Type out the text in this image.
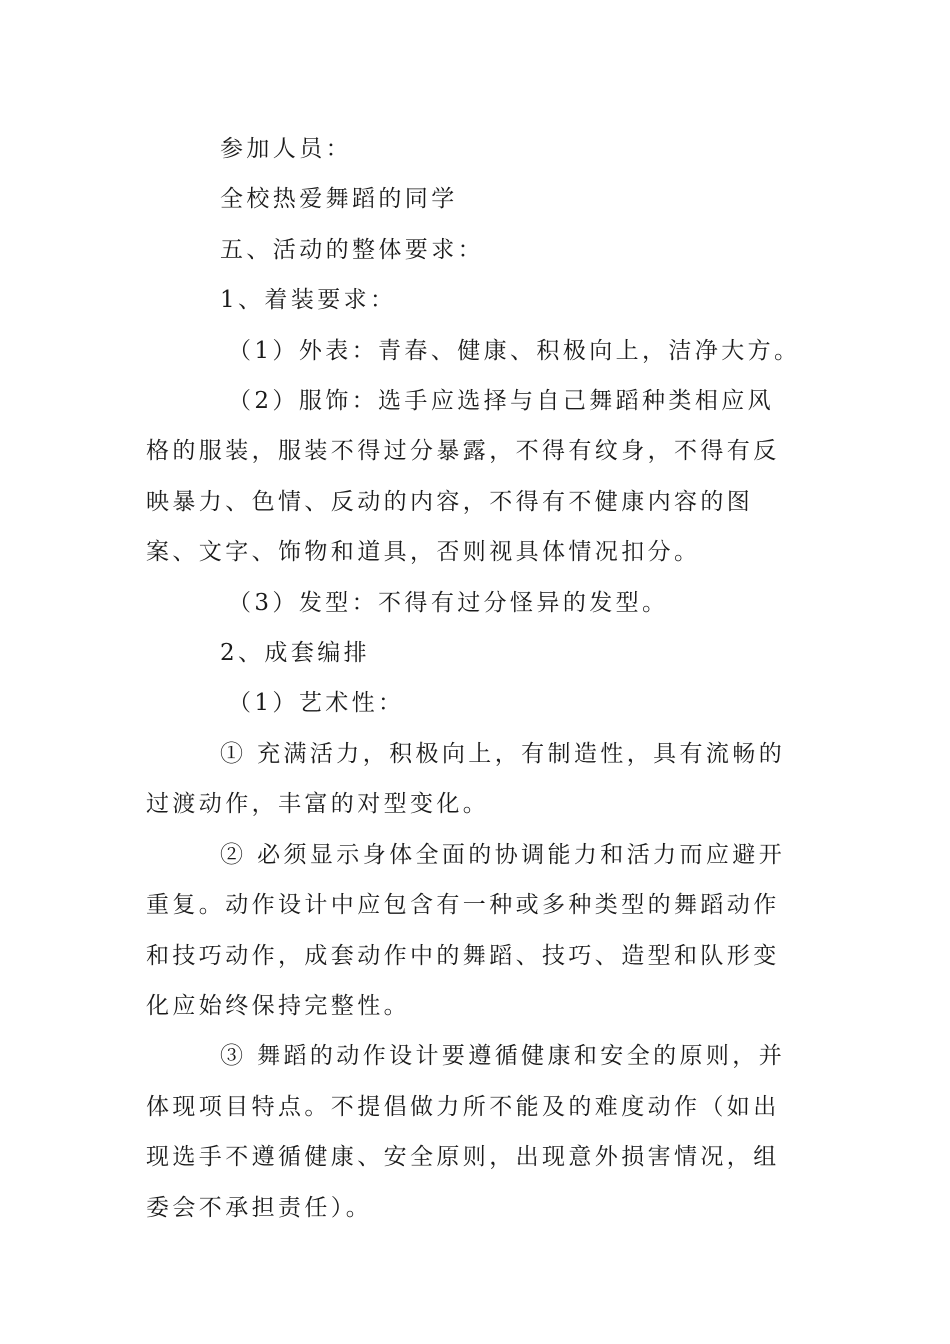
参加人员：

全校热爱舞蹈的同学

五、活动的整体要求：

1、着装要求：

（1）外表：青春、健康、积极向上，洁净大方。

（2）服饰：选手应选择与自己舞蹈种类相应风格的服装，服装不得过分暴露，不得有纹身，不得有反映暴力、色情、反动的内容，不得有不健康内容的图案、文字、饰物和道具，否则视具体情况扣分。

（3）发型：不得有过分怪异的发型。

2、成套编排

（1）艺术性：

① 充满活力，积极向上，有制造性，具有流畅的过渡动作，丰富的对型变化。

② 必须显示身体全面的协调能力和活力而应避开重复。动作设计中应包含有一种或多种类型的舞蹈动作和技巧动作，成套动作中的舞蹈、技巧、造型和队形变化应始终保持完整性。

③ 舞蹈的动作设计要遵循健康和安全的原则，并体现项目特点。不提倡做力所不能及的难度动作（如出现选手不遵循健康、安全原则，出现意外损害情况，组委会不承担责任）。
